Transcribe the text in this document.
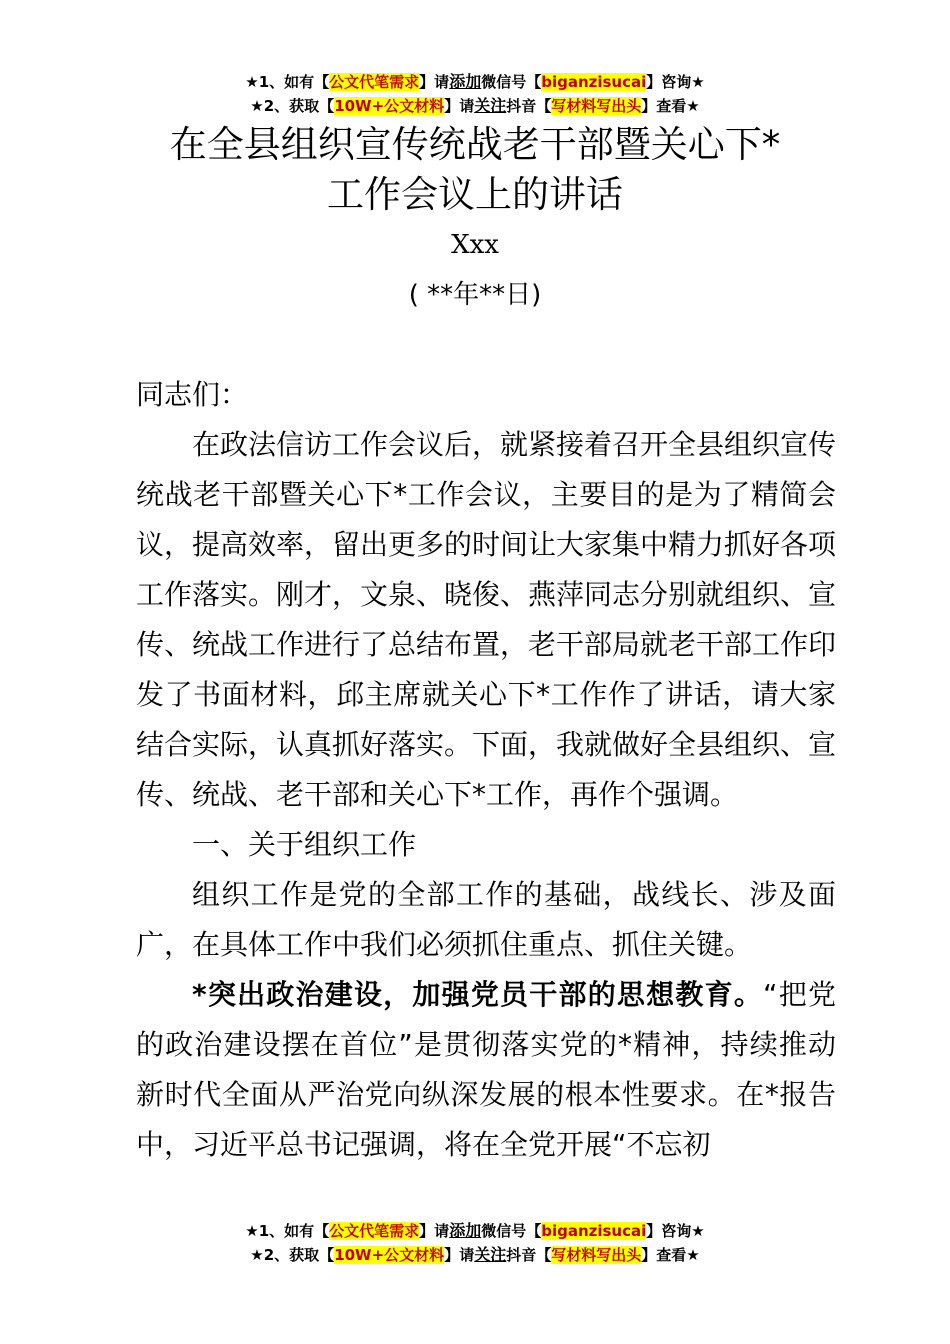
★1、如有【公文代笔需求】请添加微信号【biganzisucai】咨询★
★2、获取【10W+公文材料】请关注抖音【写材料写出头】查看★
在全县组织宣传统战老干部暨关心下*
工作会议上的讲话
Xxx
( **年**日)

同志们：

在政法信访工作会议后，就紧接着召开全县组织宣传统战老干部暨关心下*工作会议，主要目的是为了精简会议，提高效率，留出更多的时间让大家集中精力抓好各项工作落实。刚才，文泉、晓俊、燕萍同志分别就组织、宣传、统战工作进行了总结布置，老干部局就老干部工作印发了书面材料，邱主席就关心下*工作作了讲话，请大家结合实际，认真抓好落实。下面，我就做好全县组织、宣传、统战、老干部和关心下*工作，再作个强调。

一、关于组织工作

组织工作是党的全部工作的基础，战线长、涉及面广，在具体工作中我们必须抓住重点、抓住关键。

*突出政治建设，加强党员干部的思想教育。“把党的政治建设摆在首位”是贯彻落实党的*精神，持续推动新时代全面从严治党向纵深发展的根本性要求。在*报告中，习近平总书记强调，将在全党开展“不忘初

★1、如有【公文代笔需求】请添加微信号【biganzisucai】咨询★
★2、获取【10W+公文材料】请关注抖音【写材料写出头】查看★
